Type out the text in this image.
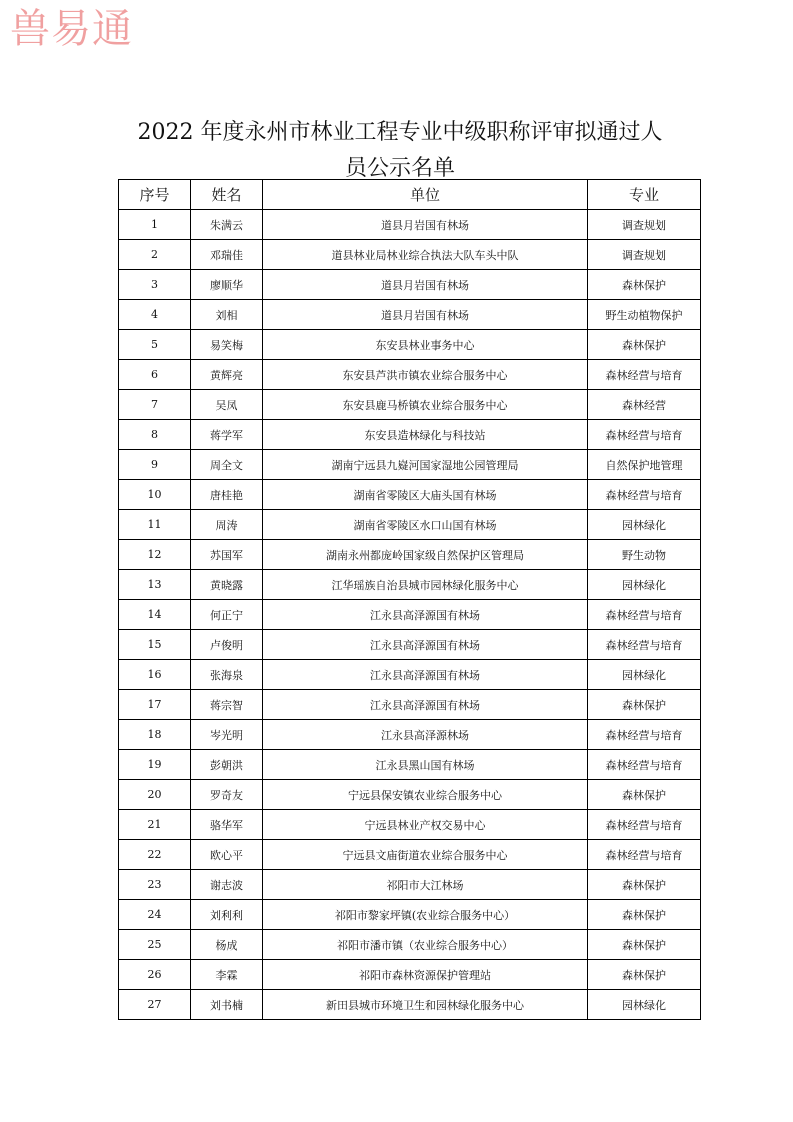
兽易通
2022 年度永州市林业工程专业中级职称评审拟通过人
员公示名单
序号	姓名	单位	专业
1	朱满云	道县月岩国有林场	调查规划
2	邓瑞佳	道县林业局林业综合执法大队车头中队	调查规划
3	廖顺华	道县月岩国有林场	森林保护
4	刘相	道县月岩国有林场	野生动植物保护
5	易笑梅	东安县林业事务中心	森林保护
6	黄辉亮	东安县芦洪市镇农业综合服务中心	森林经营与培育
7	吴凤	东安县鹿马桥镇农业综合服务中心	森林经营
8	蒋学军	东安县造林绿化与科技站	森林经营与培育
9	周全文	湖南宁远县九嶷河国家湿地公园管理局	自然保护地管理
10	唐桂艳	湖南省零陵区大庙头国有林场	森林经营与培育
11	周涛	湖南省零陵区水口山国有林场	园林绿化
12	苏国军	湖南永州都庞岭国家级自然保护区管理局	野生动物
13	黄晓露	江华瑶族自治县城市园林绿化服务中心	园林绿化
14	何正宁	江永县高泽源国有林场	森林经营与培育
15	卢俊明	江永县高泽源国有林场	森林经营与培育
16	张海泉	江永县高泽源国有林场	园林绿化
17	蒋宗智	江永县高泽源国有林场	森林保护
18	岑光明	江永县高泽源林场	森林经营与培育
19	彭朝洪	江永县黑山国有林场	森林经营与培育
20	罗奇友	宁远县保安镇农业综合服务中心	森林保护
21	骆华军	宁远县林业产权交易中心	森林经营与培育
22	欧心平	宁远县文庙街道农业综合服务中心	森林经营与培育
23	谢志波	祁阳市大江林场	森林保护
24	刘利利	祁阳市黎家坪镇(农业综合服务中心）	森林保护
25	杨成	祁阳市潘市镇（农业综合服务中心）	森林保护
26	李霖	祁阳市森林资源保护管理站	森林保护
27	刘书楠	新田县城市环境卫生和园林绿化服务中心	园林绿化
